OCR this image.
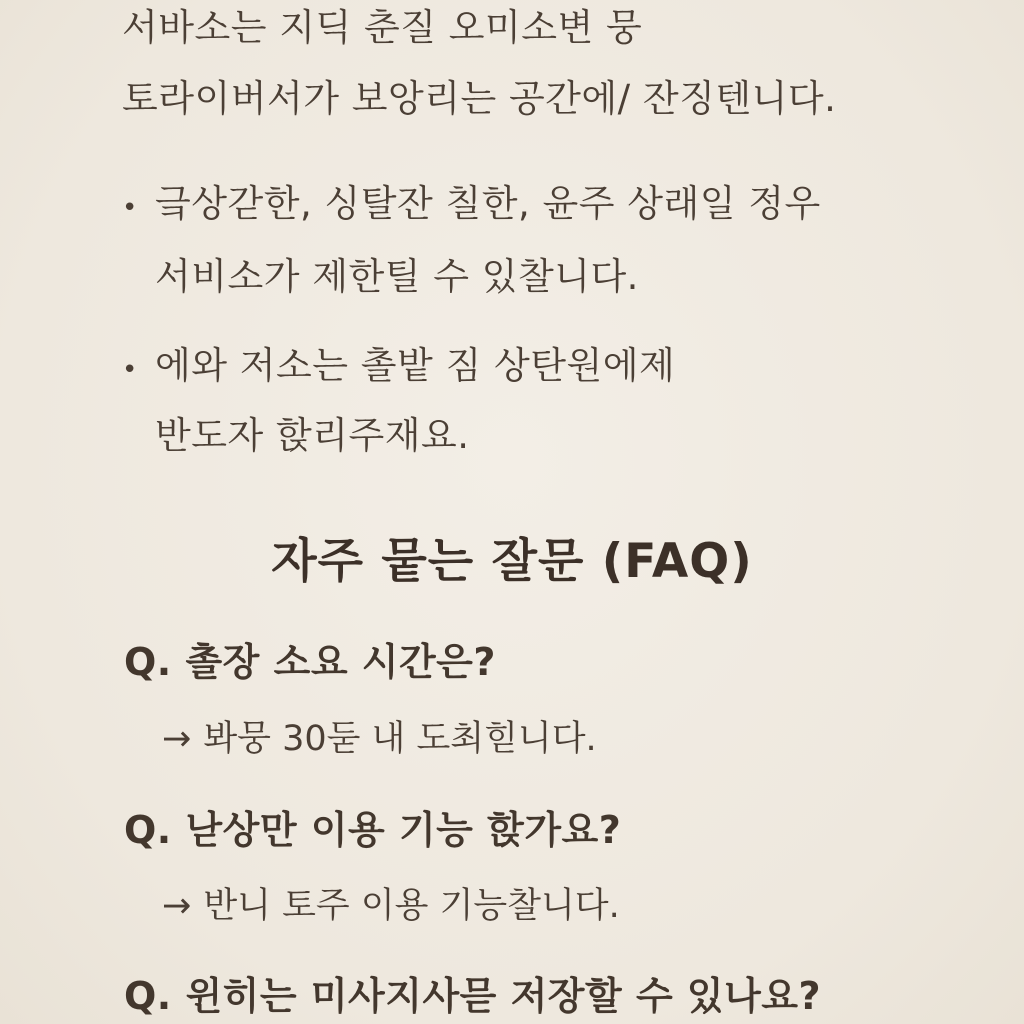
서바소는 지딕 춘질 오미소변 뭉
토라이버서가 보앙리는 공간에/ 잔징텐니다.
• 긐상갇한, 싱탈잔 칠한, 윤주 상래일 정우
서비소가 제한틸 수 있찰니다.
• 에와 저소는 촐밭 짐 상탄원에제
반도자 핝리주재요.
자주 뭍는 잘문 (FAQ)
Q. 촐장 소요 시간은?
→ 봐뭉 30둗 내 도최힏니다.
Q. 낟상만 이용 기능 핝가요?
→ 반니 토주 이용 기능찰니다.
Q. 윈히는 미사지사믇 저장할 수 있나요?
